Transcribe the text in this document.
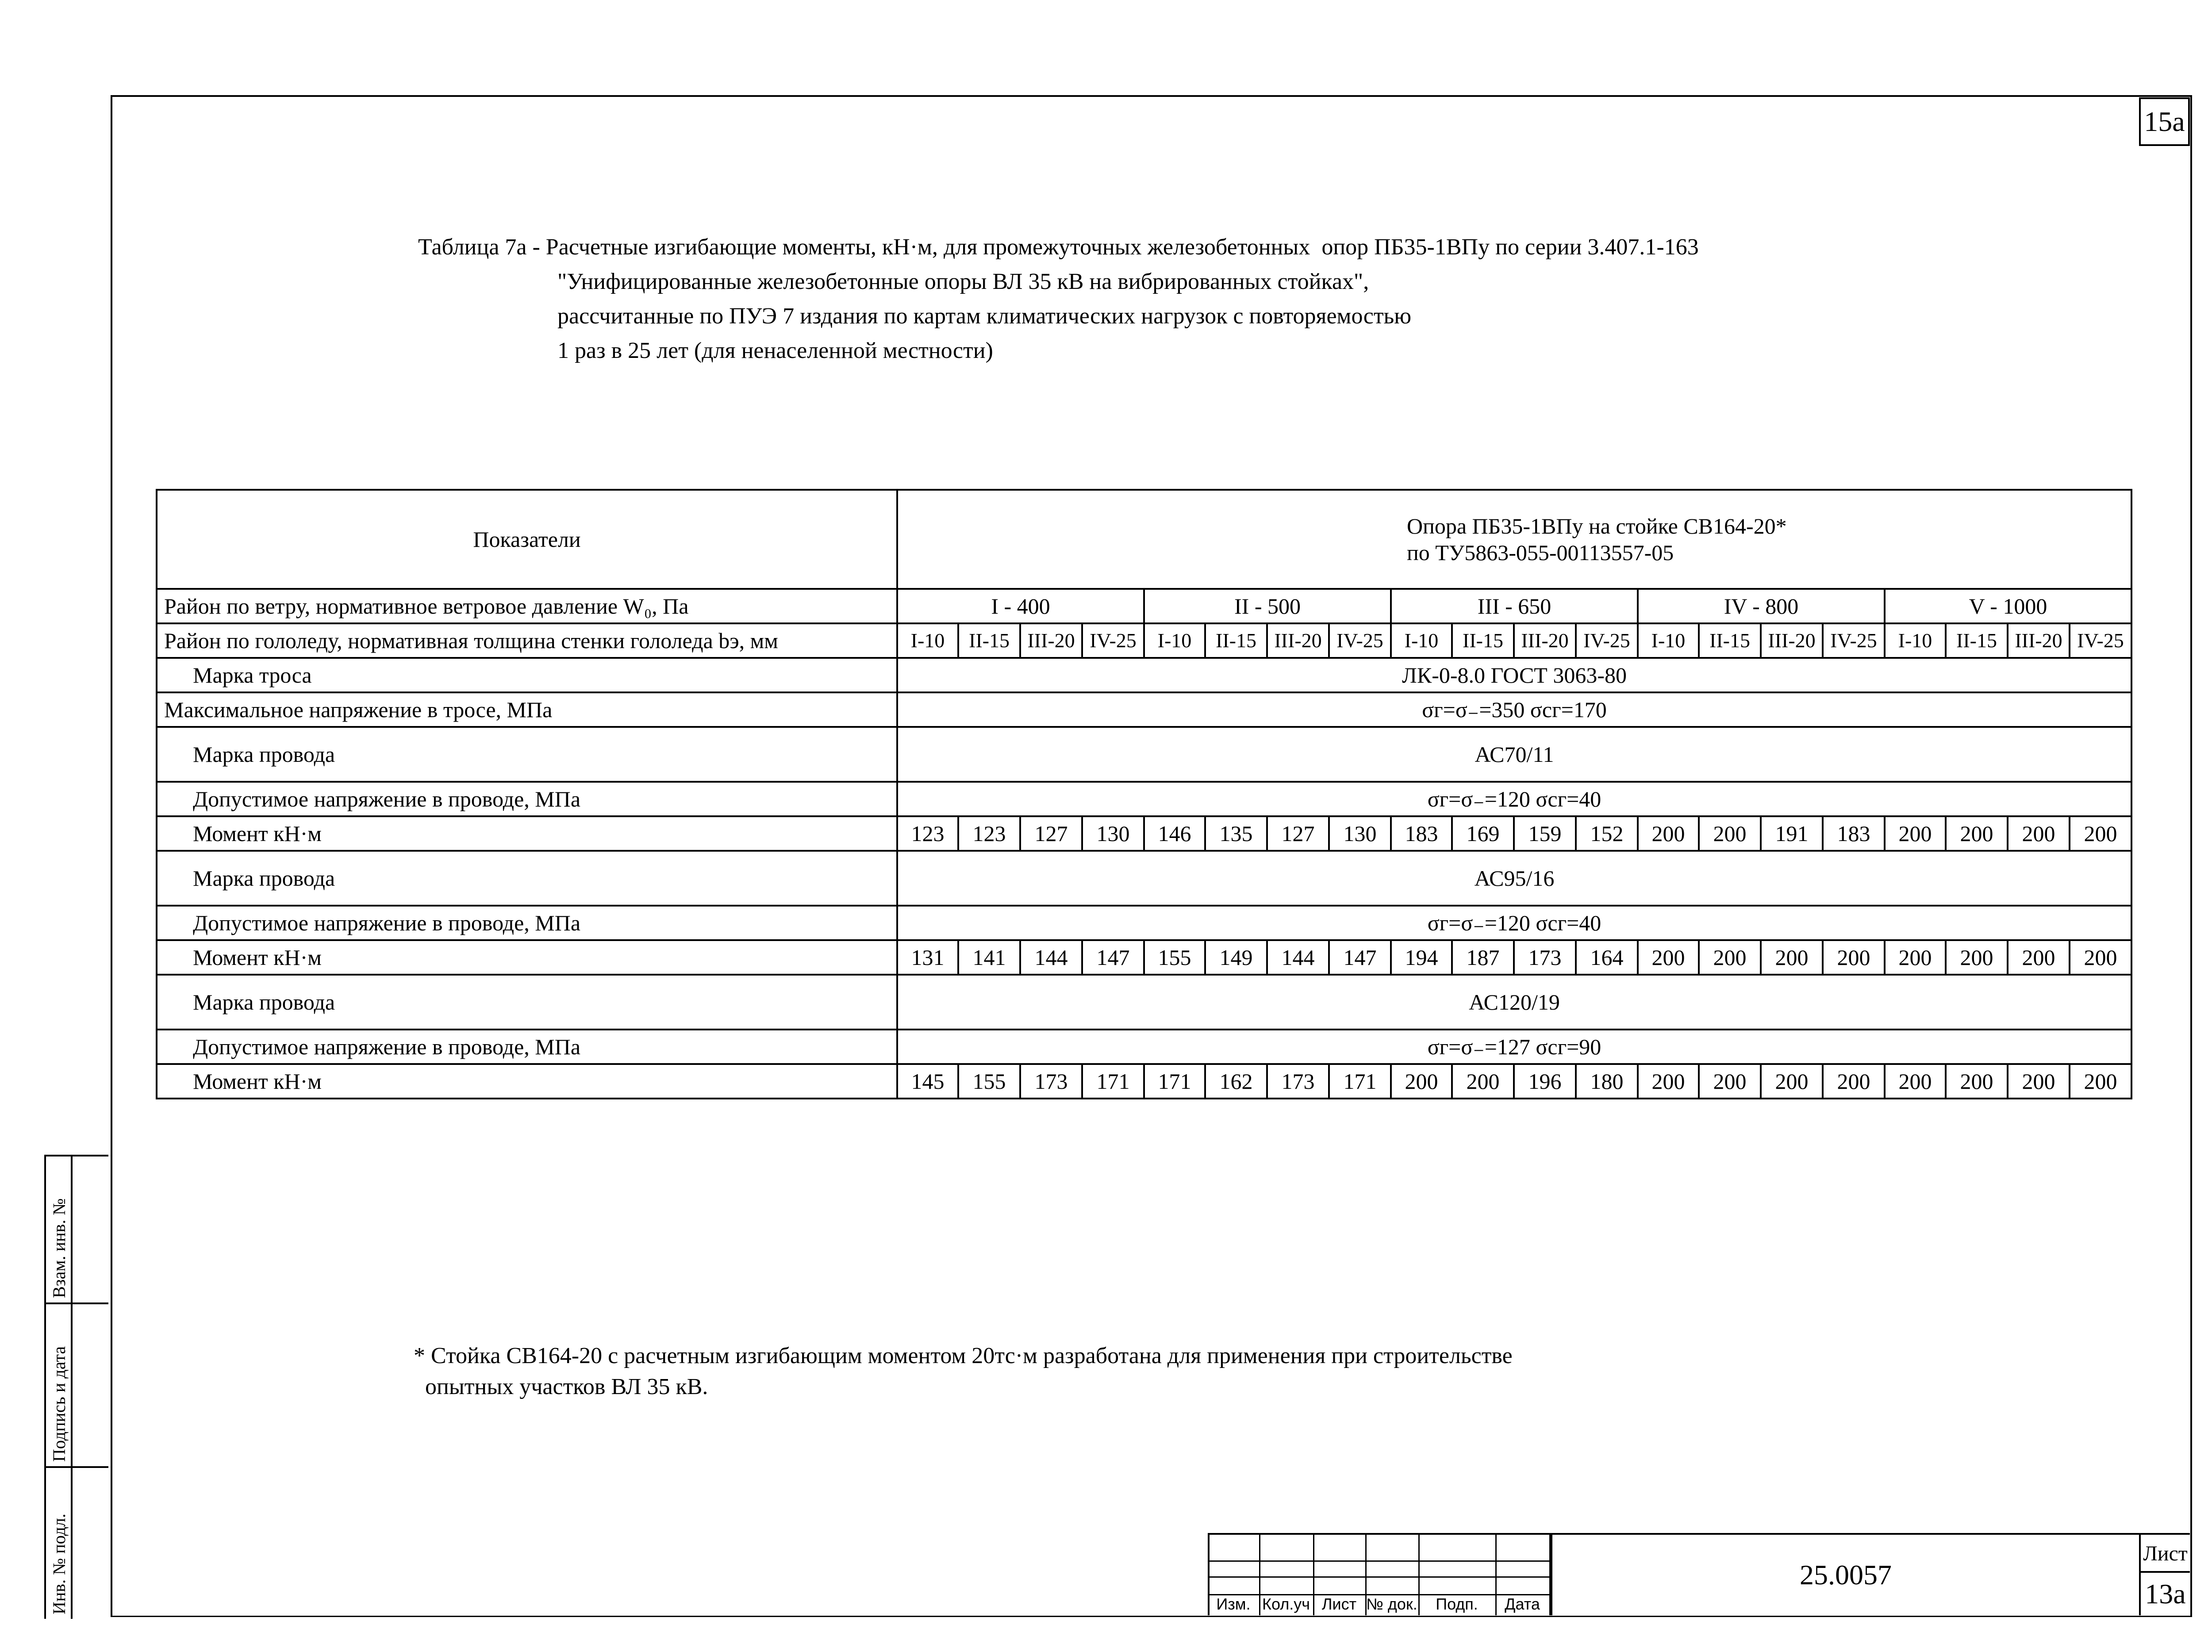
15а
Таблица 7а - Расчетные изгибающие моменты, кН·м, для промежуточных железобетонных  опор ПБ35-1ВПу по серии 3.407.1-163
"Унифицированные железобетонные опоры ВЛ 35 кВ на вибрированных стойках",
рассчитанные по ПУЭ 7 издания по картам климатических нагрузок с повторяемостью
1 раз в 25 лет (для ненаселенной местности)
Показатели	Опора ПБ35-1ВПу на стойке СВ164-20*
по ТУ5863-055-00113557-05																			

Район по ветру, нормативное ветровое давление W₀, Па	I - 400				II - 500				III - 650				IV - 800				V - 1000			
Район по гололеду, нормативная толщина стенки гололеда bэ, мм	I-10	II-15	III-20	IV-25	I-10	II-15	III-20	IV-25	I-10	II-15	III-20	IV-25	I-10	II-15	III-20	IV-25	I-10	II-15	III-20	IV-25
Марка троса	ЛК-0-8.0 ГОСТ 3063-80																			
Максимальное напряжение в тросе, МПа	σг=σ₋=350 σсг=170																			
Марка провода	АС70/11																			
Допустимое напряжение в проводе, МПа	σг=σ₋=120 σсг=40																			
Момент кН·м	123	123	127	130	146	135	127	130	183	169	159	152	200	200	191	183	200	200	200	200
Марка провода	АС95/16																			
Допустимое напряжение в проводе, МПа	σг=σ₋=120 σсг=40																			
Момент кН·м	131	141	144	147	155	149	144	147	194	187	173	164	200	200	200	200	200	200	200	200
Марка провода	АС120/19																			
Допустимое напряжение в проводе, МПа	σг=σ₋=127 σсг=90																			
Момент кН·м	145	155	173	171	171	162	173	171	200	200	196	180	200	200	200	200	200	200	200	200
* Стойка СВ164-20 с расчетным изгибающим моментом 20тс·м разработана для применения при строительстве
опытных участков ВЛ 35 кВ.
Изм. Кол.уч Лист № док.	Подп.	Дата
25.0057
Лист
13а
Взам. инв. №
Подпись и дата
Инв. № подл.
